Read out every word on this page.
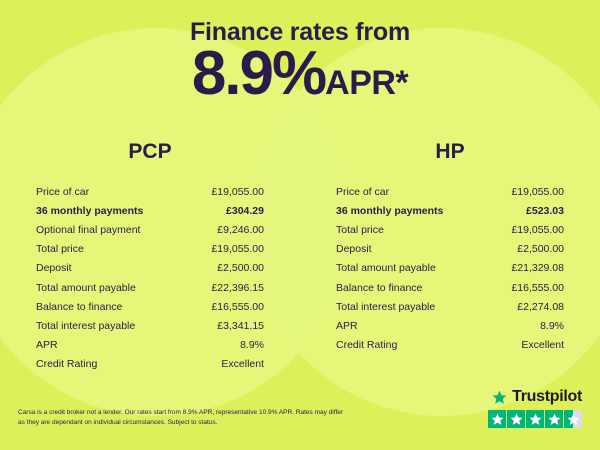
Finance rates from
8.9%APR*
PCP
Price of car	£19,055.00
36 monthly payments	£304.29
Optional final payment	£9,246.00
Total price	£19,055.00
Deposit	£2,500.00
Total amount payable	£22,396.15
Balance to finance	£16,555.00
Total interest payable	£3,341.15
APR	8.9%
Credit Rating	Excellent
HP
Price of car	£19,055.00
36 monthly payments	£523.03
Total price	£19,055.00
Deposit	£2,500.00
Total amount payable	£21,329.08
Balance to finance	£16,555.00
Total interest payable	£2,274.08
APR	8.9%
Credit Rating	Excellent
Carsa is a credit broker not a lender. Our rates start from 8.9% APR, representative 10.9% APR. Rates may differ as they are dependant on individual circumstances. Subject to status.
Trustpilot
